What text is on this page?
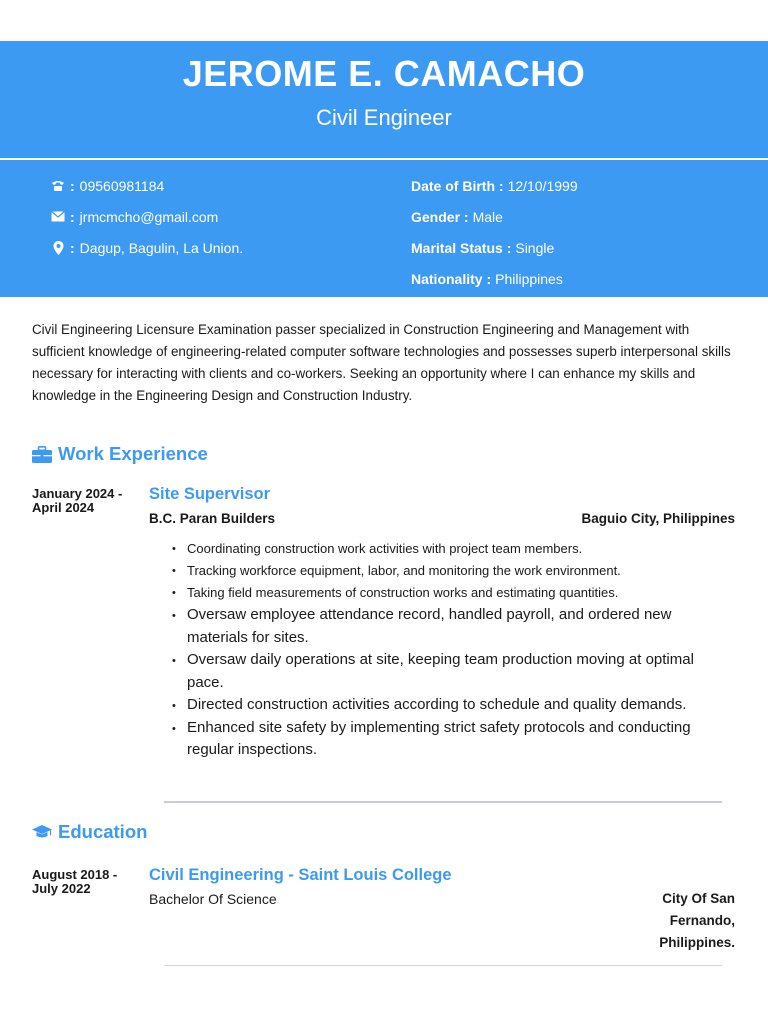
JEROME E. CAMACHO
Civil Engineer
: 09560981184
: jrmcmcho@gmail.com
: Dagup, Bagulin, La Union.
Date of Birth : 12/10/1999
Gender : Male
Marital Status : Single
Nationality : Philippines

Civil Engineering Licensure Examination passer specialized in Construction Engineering and Management with sufficient knowledge of engineering-related computer software technologies and possesses superb interpersonal skills necessary for interacting with clients and co-workers. Seeking an opportunity where I can enhance my skills and knowledge in the Engineering Design and Construction Industry.

Work Experience
January 2024 - April 2024
Site Supervisor
B.C. Paran Builders	Baguio City, Philippines
• Coordinating construction work activities with project team members.
• Tracking workforce equipment, labor, and monitoring the work environment.
• Taking field measurements of construction works and estimating quantities.
• Oversaw employee attendance record, handled payroll, and ordered new materials for sites.
• Oversaw daily operations at site, keeping team production moving at optimal pace.
• Directed construction activities according to schedule and quality demands.
• Enhanced site safety by implementing strict safety protocols and conducting regular inspections.
Education
August 2018 - July 2022
Civil Engineering - Saint Louis College
Bachelor Of Science	City Of San Fernando, Philippines.
